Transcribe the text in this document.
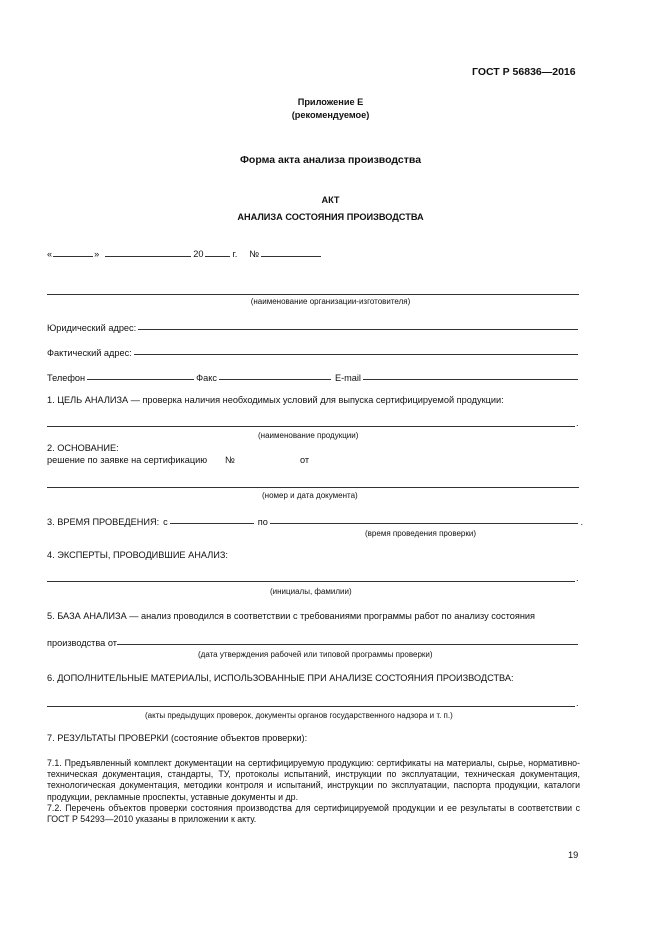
ГОСТ Р 56836—2016
Приложение Е
(рекомендуемое)
Форма акта анализа производства
АКТ
АНАЛИЗА СОСТОЯНИЯ ПРОИЗВОДСТВА
«	»	20	г. №
(наименование организации-изготовителя)
Юридический адрес:
Фактический адрес:
Телефон	Факс	E-mail
1. ЦЕЛЬ АНАЛИЗА — проверка наличия необходимых условий для выпуска сертифицируемой продукции:
.
(наименование продукции)
2. ОСНОВАНИЕ:
решение по заявке на сертификацию №	от
(номер и дата документа)
3. ВРЕМЯ ПРОВЕДЕНИЯ: с	по	.
(время проведения проверки)
4. ЭКСПЕРТЫ, ПРОВОДИВШИЕ АНАЛИЗ:
.
(инициалы, фамилии)
5. БАЗА АНАЛИЗА — анализ проводился в соответствии с требованиями программы работ по анализу состояния
производства от
(дата утверждения рабочей или типовой программы проверки)
6. ДОПОЛНИТЕЛЬНЫЕ МАТЕРИАЛЫ, ИСПОЛЬЗОВАННЫЕ ПРИ АНАЛИЗЕ СОСТОЯНИЯ ПРОИЗВОДСТВА:
.
(акты предыдущих проверок, документы органов государственного надзора и т. п.)
7. РЕЗУЛЬТАТЫ ПРОВЕРКИ (состояние объектов проверки):

7.1. Предъявленный комплект документации на сертифицируемую продукцию: сертификаты на материалы, сырье, нормативно-техническая документация, стандарты, ТУ, протоколы испытаний, инструкции по эксплуатации, техническая документация, технологическая документация, методики контроля и испытаний, инструкции по эксплуатации, паспорта продукции, каталоги продукции, рекламные проспекты, уставные документы и др.

7.2. Перечень объектов проверки состояния производства для сертифицируемой продукции и ее результаты в соответствии с ГОСТ Р 54293—2010 указаны в приложении к акту.

19
